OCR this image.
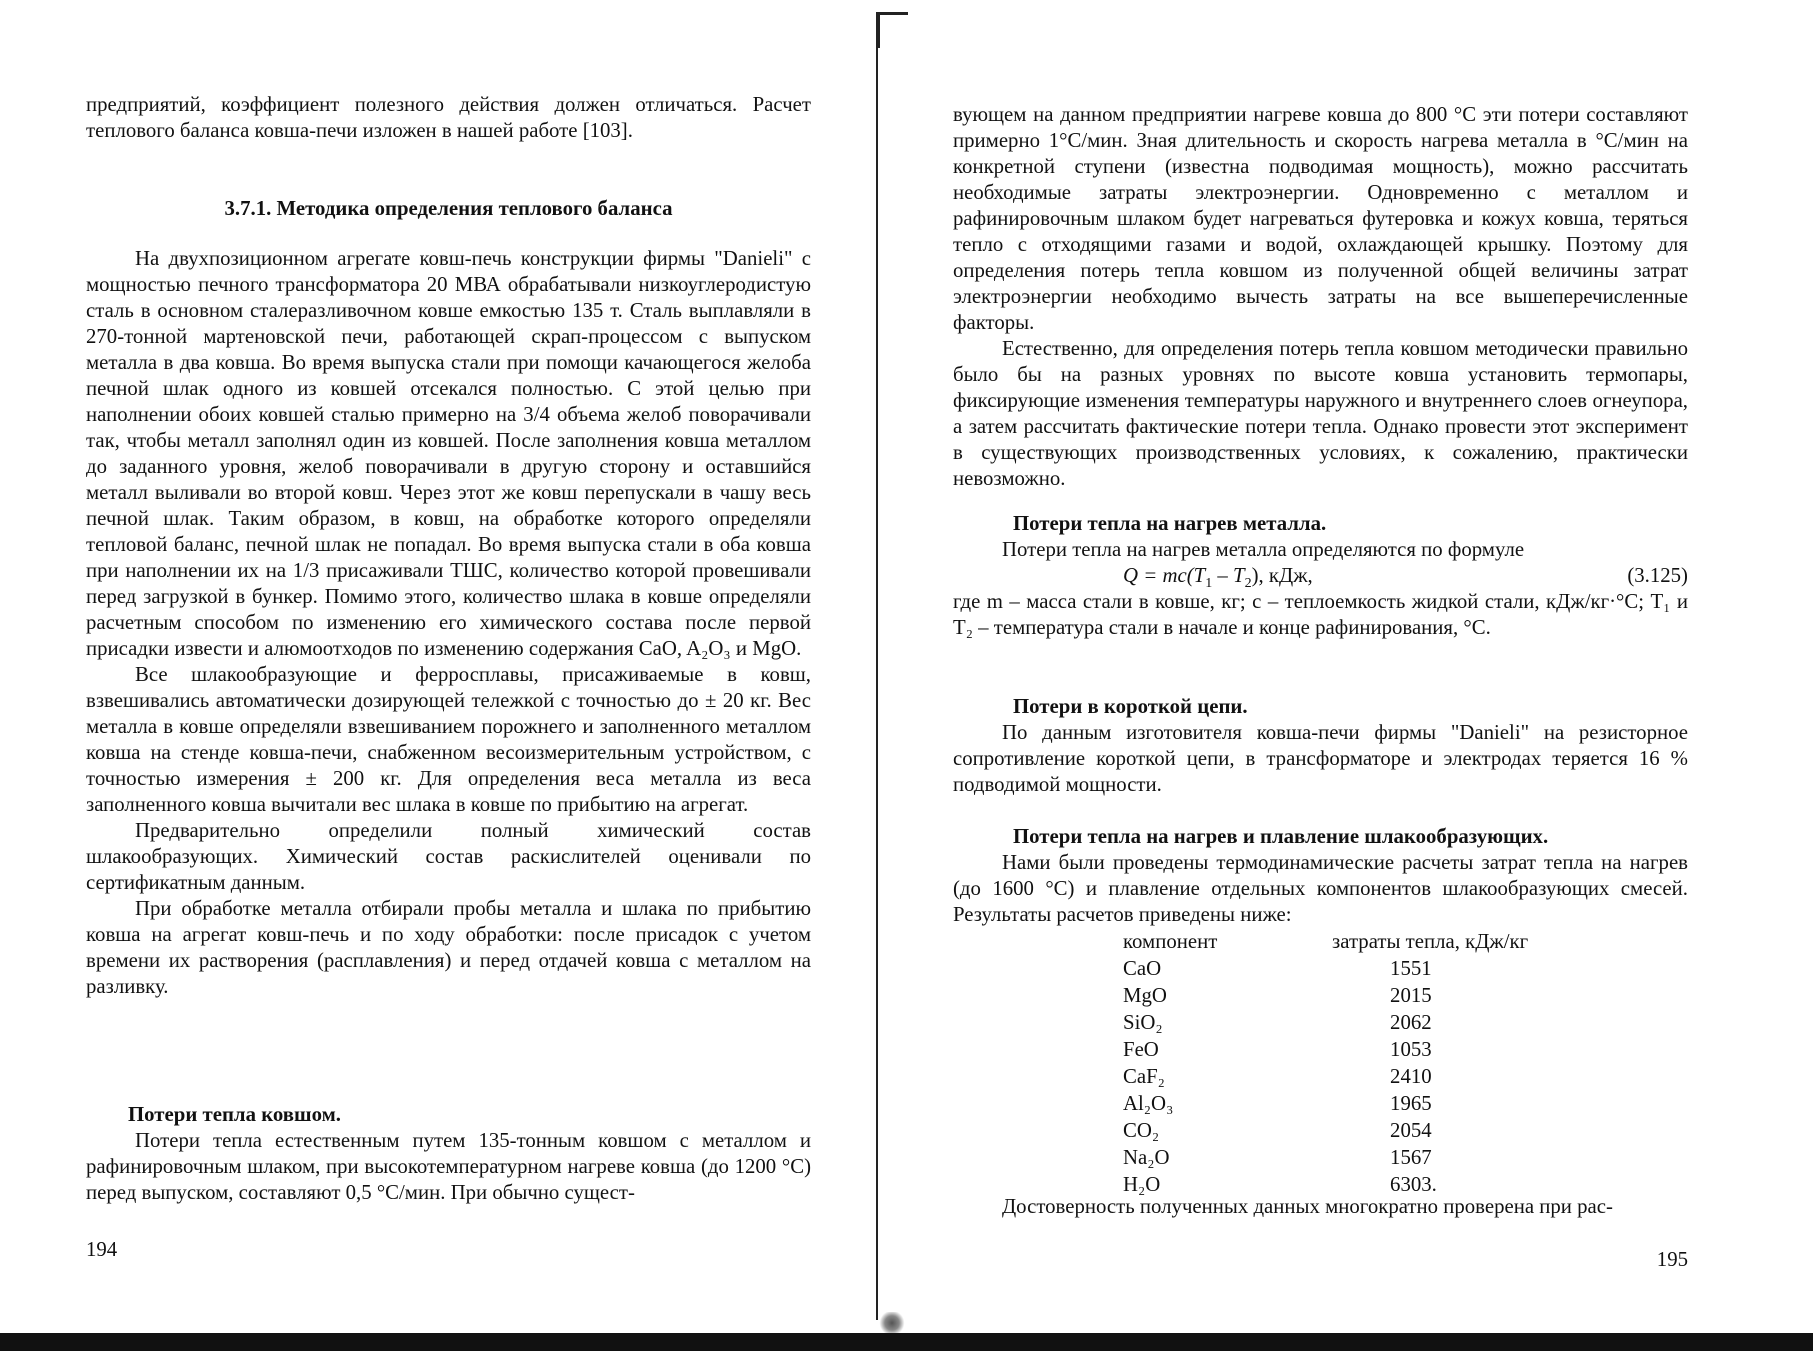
предприятий, коэффициент полезного действия должен отличаться. Расчет теплового баланса ковша-печи изложен в нашей работе [103].

3.7.1. Методика определения теплового баланса

На двухпозиционном агрегате ковш-печь конструкции фирмы "Danieli" с мощностью печного трансформатора 20 МВА обрабатывали низкоуглеродистую сталь в основном сталеразливочном ковше емкостью 135 т. Сталь выплавляли в 270-тонной мартеновской печи, работающей скрап-процессом с выпуском металла в два ковша. Во время выпуска стали при помощи качающегося желоба печной шлак одного из ковшей отсекался полностью. С этой целью при наполнении обоих ковшей сталью примерно на 3/4 объема желоб поворачивали так, чтобы металл заполнял один из ковшей. После заполнения ковша металлом до заданного уровня, желоб поворачивали в другую сторону и оставшийся металл выливали во второй ковш. Через этот же ковш перепускали в чашу весь печной шлак. Таким образом, в ковш, на обработке которого определяли тепловой баланс, печной шлак не попадал. Во время выпуска стали в оба ковша при наполнении их на 1/3 присаживали ТШС, количество которой провешивали перед загрузкой в бункер. Помимо этого, количество шлака в ковше определяли расчетным способом по изменению его химического состава после первой присадки извести и алюмоотходов по изменению содержания CaO, A₂O₃ и MgO.

Все шлакообразующие и ферросплавы, присаживаемые в ковш, взвешивались автоматически дозирующей тележкой с точностью до ± 20 кг. Вес металла в ковше определяли взвешиванием порожнего и заполненного металлом ковша на стенде ковша-печи, снабженном весоизмерительным устройством, с точностью измерения ± 200 кг. Для определения веса металла из веса заполненного ковша вычитали вес шлака в ковше по прибытию на агрегат.

Предварительно определили полный химический состав шлакообразующих. Химический состав раскислителей оценивали по сертификатным данным.

При обработке металла отбирали пробы металла и шлака по прибытию ковша на агрегат ковш-печь и по ходу обработки: после присадок с учетом времени их растворения (расплавления) и перед отдачей ковша с металлом на разливку.

Потери тепла ковшом.

Потери тепла естественным путем 135-тонным ковшом с металлом и рафинировочным шлаком, при высокотемпературном нагреве ковша (до 1200 °С) перед выпуском, составляют 0,5 °С/мин. При обычно сущест-

194

вующем на данном предприятии нагреве ковша до 800 °С эти потери составляют примерно 1°С/мин. Зная длительность и скорость нагрева металла в °С/мин на конкретной ступени (известна подводимая мощность), можно рассчитать необходимые затраты электроэнергии. Одновременно с металлом и рафинировочным шлаком будет нагреваться футеровка и кожух ковша, теряться тепло с отходящими газами и водой, охлаждающей крышку. Поэтому для определения потерь тепла ковшом из полученной общей величины затрат электроэнергии необходимо вычесть затраты на все вышеперечисленные факторы.

Естественно, для определения потерь тепла ковшом методически правильно было бы на разных уровнях по высоте ковша установить термопары, фиксирующие изменения температуры наружного и внутреннего слоев огнеупора, а затем рассчитать фактические потери тепла. Однако провести этот эксперимент в существующих производственных условиях, к сожалению, практически невозможно.

Потери тепла на нагрев металла.

Потери тепла на нагрев металла определяются по формуле

$Q = mc(T_1 - T_2)$, кДж,	(3.125)

где m – масса стали в ковше, кг; c – теплоемкость жидкой стали, кДж/кг·°С; T₁ и T₂ – температура стали в начале и конце рафинирования, °С.

Потери в короткой цепи.

По данным изготовителя ковша-печи фирмы "Danieli" на резисторное сопротивление короткой цепи, в трансформаторе и электродах теряется 16 % подводимой мощности.

Потери тепла на нагрев и плавление шлакообразующих.

Нами были проведены термодинамические расчеты затрат тепла на нагрев (до 1600 °С) и плавление отдельных компонентов шлакообразующих смесей. Результаты расчетов приведены ниже:

компонент	затраты тепла, кДж/кг
CaO	1551
MgO	2015
SiO₂	2062
FeO	1053
CaF₂	2410
Al₂O₃	1965
CO₂	2054
Na₂O	1567
H₂O	6303.

Достоверность полученных данных многократно проверена при рас-

195
